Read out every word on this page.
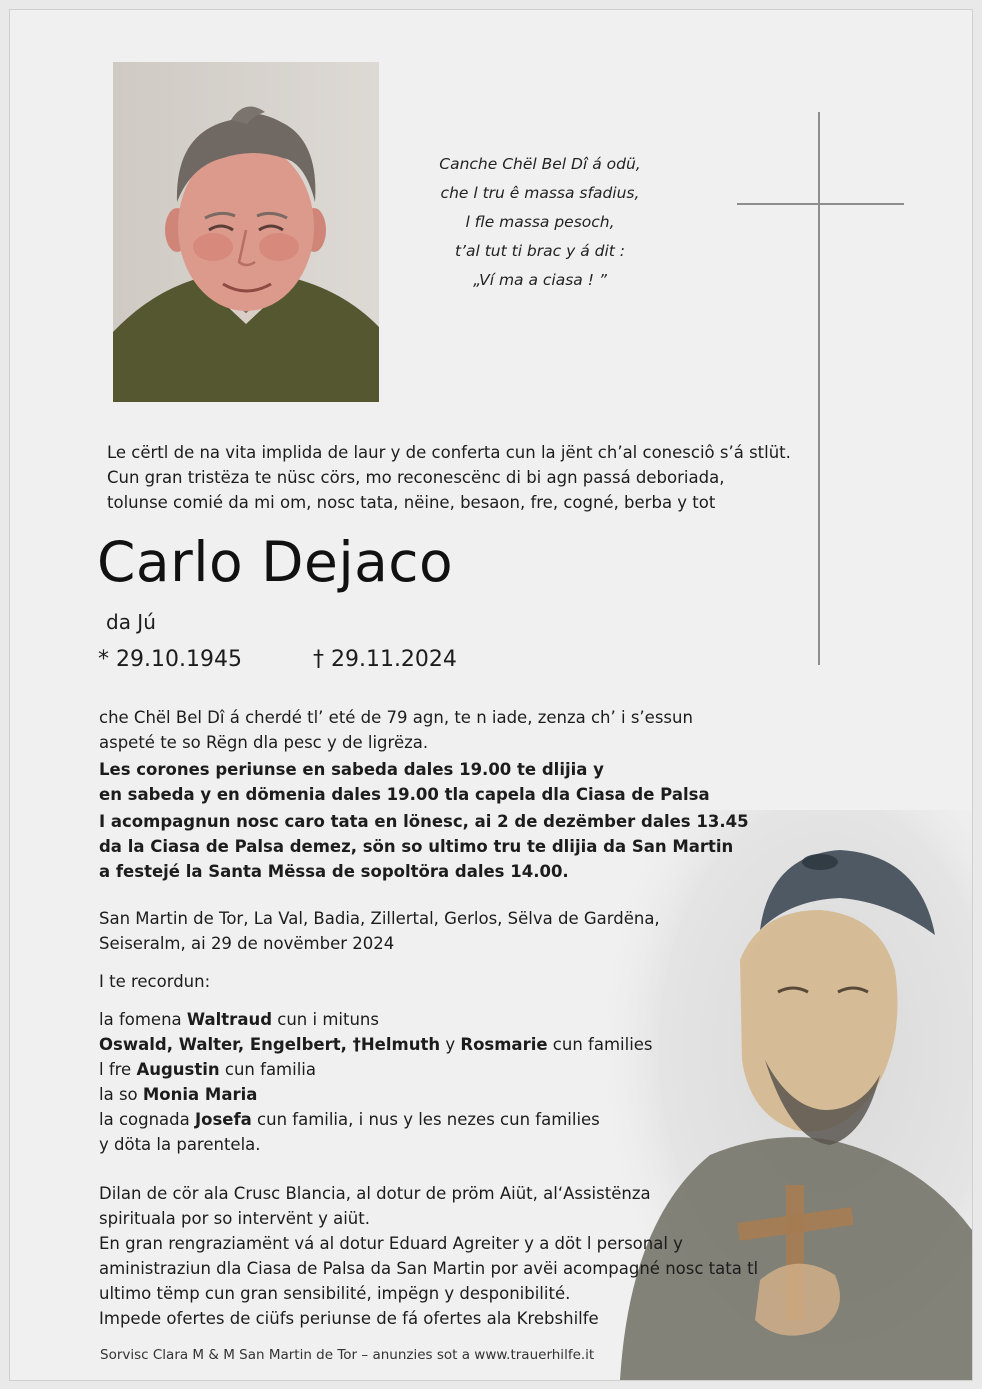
Canche Chël Bel Dî á odü,
che l tru ê massa sfadius,
l fle massa pesoch,
t’al tut ti brac y á dit :
„Ví ma a ciasa ! ”
Le cërtl de na vita implida de laur y de conferta cun la jënt ch’al conesciô s’á stlüt.
Cun gran tristëza te nüsc cörs, mo reconescënc di bi agn passá deboriada,
tolunse comié da mi om, nosc tata, nëine, besaon, fre, cogné, berba y tot
Carlo Dejaco
da Jú
* 29.10.1945	† 29.11.2024
che Chël Bel Dî á cherdé tl’ eté de 79 agn, te n iade, zenza ch’ i s’essun
aspeté te so Rëgn dla pesc y de ligrëza.
Les corones periunse en sabeda dales 19.00 te dlijia y
en sabeda y en dömenia dales 19.00 tla capela dla Ciasa de Palsa
I acompagnun nosc caro tata en lönesc, ai 2 de dezëmber dales 13.45
da la Ciasa de Palsa demez, sön so ultimo tru te dlijia da San Martin
a festejé la Santa Mëssa de sopoltöra dales 14.00.
San Martin de Tor, La Val, Badia, Zillertal, Gerlos, Sëlva de Gardëna,
Seiseralm, ai 29 de novëmber 2024
I te recordun:
la fomena Waltraud cun i mituns
Oswald, Walter, Engelbert, †Helmuth y Rosmarie cun families
l fre Augustin cun familia
la so Monia Maria
la cognada Josefa cun familia, i nus y les nezes cun families
y döta la parentela.
Dilan de cör ala Crusc Blancia, al dotur de pröm Aiüt, al‘Assistënza
spirituala por so intervënt y aiüt.
En gran rengraziamënt vá al dotur Eduard Agreiter y a döt l personal y
aministraziun dla Ciasa de Palsa da San Martin por avëi acompagné nosc tata tl
ultimo tëmp cun gran sensibilité, impëgn y desponibilité.
Impede ofertes de ciüfs periunse de fá ofertes ala Krebshilfe
Sorvisc Clara M & M San Martin de Tor – anunzies sot a www.trauerhilfe.it
